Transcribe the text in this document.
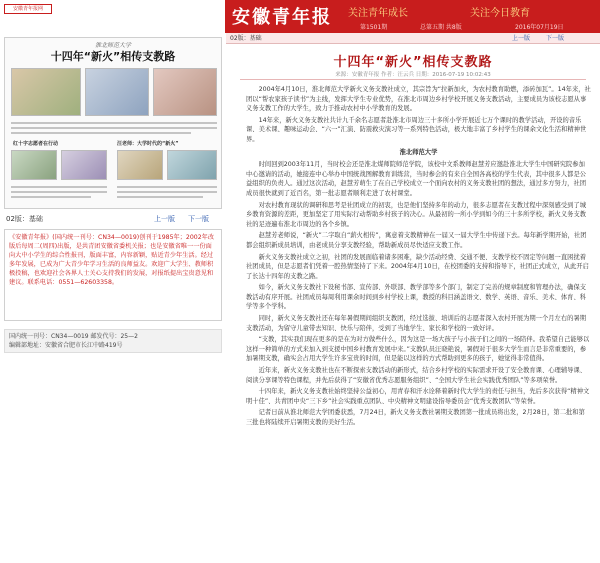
安徽青年报网	安徽青年报 关注青年成长	关注今日教育
第1501期	总第五期 共8版	2016年07月19日
淮北师范大学
十四年“新火”相传支教路
红十字志愿者在行动	汪老师：大学时代的“新火”
02版：基础	上一版 下一版
《安徽青年报》(国内统一刊号：CN34—0019)创刊于1985年；2002年改版后每周二(周四)出版，是共青团安徽省委机关报；也是安徽省唯一一份面向大中小学生的综合性报刊，版面丰富，内容新颖，贴近青少年生活。经过多年发展，已成为广大青少年学习生活的良师益友。欢迎广大学生、教师积极投稿，也欢迎社会各界人士关心支持我们的发展，对报纸提出宝贵意见和建议。联系电话：0551—62603358。
国内统一刊号：CN34—0019 邮发代号：25—2
编辑部地址：安徽省合肥市长江中路419号
02版：基础	上一版	下一版
十四年“新火”相传支教路
来源：安徽青年报 作者：汪云兵 日期：2016-07-19 10:02:43

2004年4月10日，淮北师范大学新火义务支教社成立，其宗旨为“拉新加火，为农村教育助燃，添砖加瓦”。14年来，社团以“帮农家孩子读书”为主线，发挥大学生专业优势，在淮北市周边乡村学校开展义务支教活动，主要成员为该校志愿从事义务支教工作的大学生，致力于推动农村中小学教育的发展。

14年来，新火义务支教社共计九千余名志愿者赴淮北市周边三十多所小学开展近七万个课时的教学活动，开设的音乐课、美术课、趣味运动会、“六一”汇演、防震救灾演习等一系列特色活动，极大地丰富了乡村学生的课余文化生活和精神世界。

淮北师范大学

时间回到2003年11月，当时校会还是淮北煤师院师范学院，该校中文系教师赵慧芳应邀赴淮北大学生中国研究院参加中心邀请的活动，她接连中心举办中国统战图解教育训练营，当时参会的有来自全国各高校的学生代表，其中很多人都是公益组织的负责人。通过这次活动，赵慧芳萌生了在自己学校成立一个面向农村的义务支教社团的想法，通过多方努力，社团成员很快就到了近百名，第一批志愿者顺利走进了农村课堂。

对农村教育现状的调研和思考是社团成立的初衷，也是他们坚持多年的动力，很多志愿者在支教过程中深刻感受到了城乡教育资源的差距，更加坚定了用实际行动帮助乡村孩子的决心。从最初的一所小学到如今的三十多所学校，新火义务支教社的足迹遍布淮北市周边的各个乡镇。

赵慧芳老师说，“新火”二字取自“薪火相传”，寓意着支教精神在一届又一届大学生中传递下去。每年新学期开始，社团都会组织新成员培训，由老成员分享支教经验，帮助新成员尽快适应支教工作。

新火义务支教社成立之初，社团的发展面临着诸多困难，缺少活动经费、交通不便、支教学校不固定等问题一直困扰着社团成员，但是志愿者们凭着一腔热情坚持了下来。2004年4月10日，在校团委的支持和指导下，社团正式成立，从此开启了长达十四年的支教之路。

如今，新火义务支教社下设秘书部、宣传部、外联部、教学部等多个部门，制定了完善的规章制度和管理办法，确保支教活动有序开展。社团成员每周利用课余时间到乡村学校上课，教授的科目涵盖语文、数学、英语、音乐、美术、体育、科学等多个学科。

同时，新火义务支教社还在每年暑假期间组织支教团，经过选拔、培训后的志愿者深入农村开展为期一个月左右的暑期支教活动，为留守儿童带去知识、快乐与陪伴，受到了当地学生、家长和学校的一致好评。

“支教，其实我们现在更多的是在为对方做些什么，因为这是一场大孩子与小孩子们之间的一场陪伴。我希望自己能够以这样一种简单的方式来加入到支援中国乡村教育发展中来。”支教队员汪晓艳说，暑假对于很多大学生而言是非常重要的，参加暑期支教，确实会占用大学生许多宝贵的时间，但是能以这样的方式帮助到更多的孩子，她觉得非常值得。

近年来，新火义务支教社也在不断探索支教活动的新形式，结合乡村学校的实际需求开设了安全教育课、心理辅导课、阅读分享课等特色课程，并先后获得了“安徽省优秀志愿服务组织”、“全国大学生社会实践优秀团队”等多项荣誉。

十四年来，新火义务支教社始终坚持公益初心，用青春和汗水诠释着新时代大学生的责任与担当，先后多次获得“精神文明十佳”、共青团中央“三下乡”社会实践重点团队、中央精神文明建设指导委员会“优秀支教团队”等荣誉。

记者日前从淮北师范大学团委获悉，7月24日，新火义务支教社暑期支教团第一批成员将出发，2月28日，第二批和第三批也将陆续开启暑期支教的美好生活。
